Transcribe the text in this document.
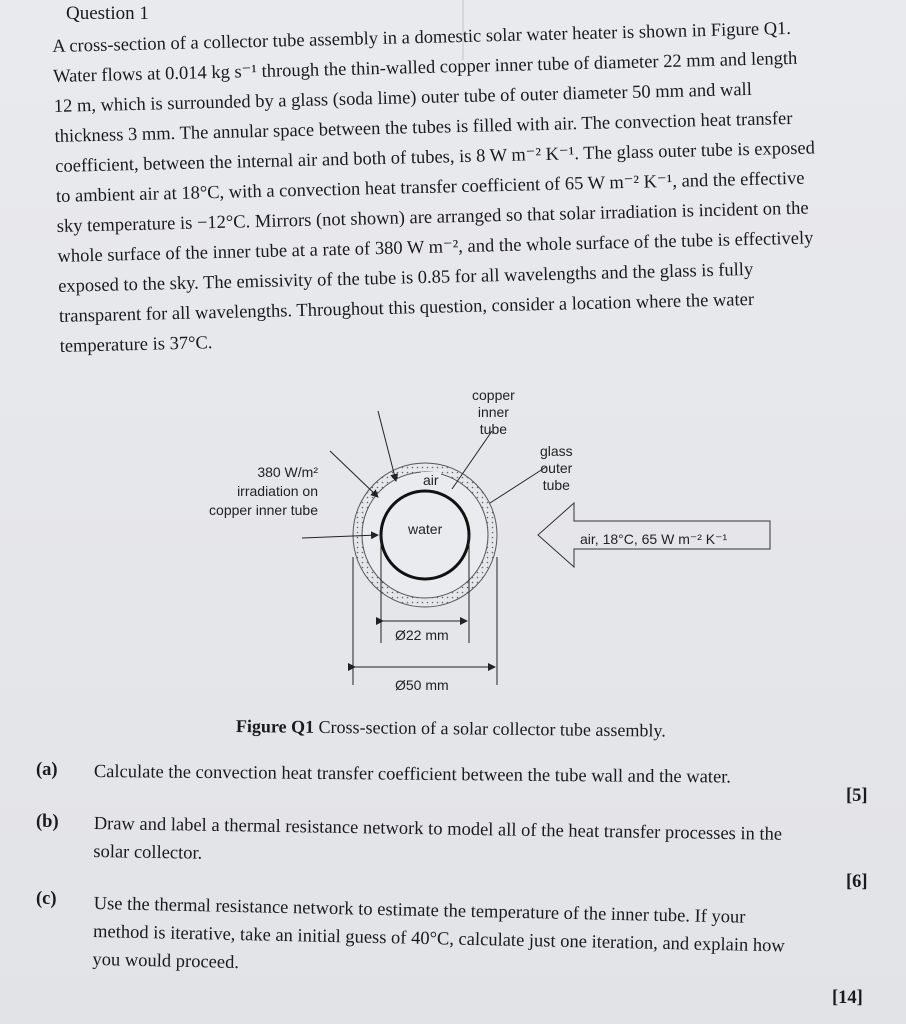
Question 1
A cross-section of a collector tube assembly in a domestic solar water heater is shown in Figure Q1.
Water flows at 0.014 kg s⁻¹ through the thin-walled copper inner tube of diameter 22 mm and length
12 m, which is surrounded by a glass (soda lime) outer tube of outer diameter 50 mm and wall
thickness 3 mm. The annular space between the tubes is filled with air. The convection heat transfer
coefficient, between the internal air and both of tubes, is 8 W m⁻² K⁻¹. The glass outer tube is exposed
to ambient air at 18°C, with a convection heat transfer coefficient of 65 W m⁻² K⁻¹, and the effective
sky temperature is −12°C. Mirrors (not shown) are arranged so that solar irradiation is incident on the
whole surface of the inner tube at a rate of 380 W m⁻², and the whole surface of the tube is effectively
exposed to the sky. The emissivity of the tube is 0.85 for all wavelengths and the glass is fully
transparent for all wavelengths. Throughout this question, consider a location where the water
temperature is 37°C.
copper
inner
tube
glass
outer
tube
380 W/m²
irradiation on
copper inner tube
air
water
air, 18°C, 65 W m⁻² K⁻¹
Ø22 mm
Ø50 mm
Figure Q1 Cross-section of a solar collector tube assembly.
(a) Calculate the convection heat transfer coefficient between the tube wall and the water.
[5]
(b) Draw and label a thermal resistance network to model all of the heat transfer processes in the
solar collector.
[6]
(c) Use the thermal resistance network to estimate the temperature of the inner tube. If your
method is iterative, take an initial guess of 40°C, calculate just one iteration, and explain how
you would proceed.
[14]
